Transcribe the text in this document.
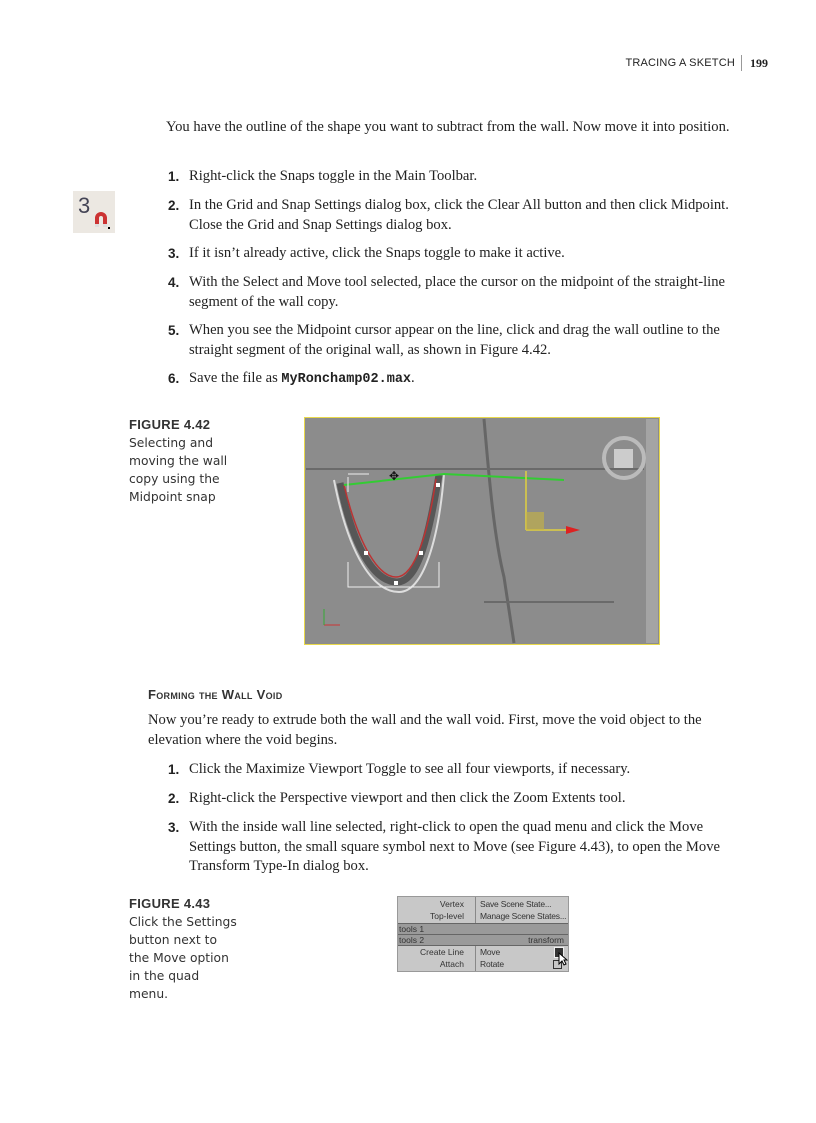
TRACING A SKETCH	199
You have the outline of the shape you want to subtract from the wall. Now move it into position.
3
1. Right-click the Snaps toggle in the Main Toolbar.
2. In the Grid and Snap Settings dialog box, click the Clear All button and then click Midpoint. Close the Grid and Snap Settings dialog box.
3. If it isn’t already active, click the Snaps toggle to make it active.
4. With the Select and Move tool selected, place the cursor on the midpoint of the straight-line segment of the wall copy.
5. When you see the Midpoint cursor appear on the line, click and drag the wall outline to the straight segment of the original wall, as shown in Figure 4.42.
6. Save the file as MyRonchamp02.max.
FIGURE 4.42
Selecting and moving the wall copy using the Midpoint snap
✥
Forming the Wall Void
Now you’re ready to extrude both the wall and the wall void. First, move the void object to the elevation where the void begins.
1. Click the Maximize Viewport Toggle to see all four viewports, if necessary.
2. Right-click the Perspective viewport and then click the Zoom Extents tool.
3. With the inside wall line selected, right-click to open the quad menu and click the Move Settings button, the small square symbol next to Move (see Figure 4.43), to open the Move Transform Type-In dialog box.
FIGURE 4.43
Click the Settings button next to the Move option in the quad menu.
Vertex Save Scene State...
Top-level Manage Scene States...
tools 1
tools 2	transform
Create Line Move
Attach Rotate
